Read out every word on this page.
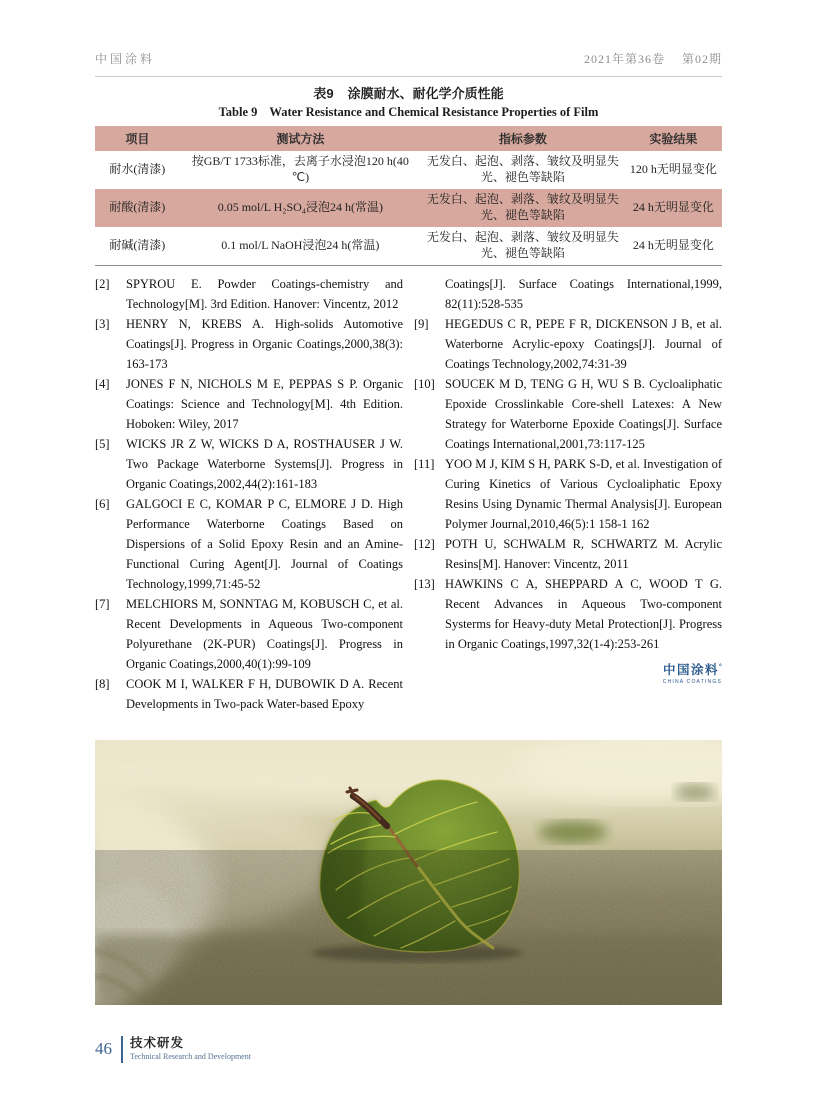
中国涂料	2021年第36卷 第02期
表9 涂膜耐水、耐化学介质性能
Table 9 Water Resistance and Chemical Resistance Properties of Film
项目	测试方法	指标参数	实验结果
耐水(清漆)	按GB/T 1733标准，去离子水浸泡120 h(40 ℃)	无发白、起泡、剥落、皱纹及明显失光、褪色等缺陷	120 h无明显变化
耐酸(清漆)	0.05 mol/L H₂SO₄浸泡24 h(常温)	无发白、起泡、剥落、皱纹及明显失光、褪色等缺陷	24 h无明显变化
耐碱(清漆)	0.1 mol/L NaOH浸泡24 h(常温)	无发白、起泡、剥落、皱纹及明显失光、褪色等缺陷	24 h无明显变化
[2] SPYROU E. Powder Coatings-chemistry and Technology[M]. 3rd Edition. Hanover: Vincentz, 2012
[3] HENRY N, KREBS A. High-solids Automotive Coatings[J]. Progress in Organic Coatings,2000,38(3): 163-173
[4] JONES F N, NICHOLS M E, PEPPAS S P. Organic Coatings: Science and Technology[M]. 4th Edition. Hoboken: Wiley, 2017
[5] WICKS JR Z W, WICKS D A, ROSTHAUSER J W. Two Package Waterborne Systems[J]. Progress in Organic Coatings,2002,44(2):161-183
[6] GALGOCI E C, KOMAR P C, ELMORE J D. High Performance Waterborne Coatings Based on Dispersions of a Solid Epoxy Resin and an Amine-Functional Curing Agent[J]. Journal of Coatings Technology,1999,71:45-52
[7] MELCHIORS M, SONNTAG M, KOBUSCH C, et al. Recent Developments in Aqueous Two-component Polyurethane (2K-PUR) Coatings[J]. Progress in Organic Coatings,2000,40(1):99-109
[8] COOK M I, WALKER F H, DUBOWIK D A. Recent Developments in Two-pack Water-based Epoxy
Coatings[J]. Surface Coatings International,1999, 82(11):528-535
[9] HEGEDUS C R, PEPE F R, DICKENSON J B, et al. Waterborne Acrylic-epoxy Coatings[J]. Journal of Coatings Technology,2002,74:31-39
[10] SOUCEK M D, TENG G H, WU S B. Cycloaliphatic Epoxide Crosslinkable Core-shell Latexes: A New Strategy for Waterborne Epoxide Coatings[J]. Surface Coatings International,2001,73:117-125
[11] YOO M J, KIM S H, PARK S-D, et al. Investigation of Curing Kinetics of Various Cycloaliphatic Epoxy Resins Using Dynamic Thermal Analysis[J]. European Polymer Journal,2010,46(5):1 158-1 162
[12] POTH U, SCHWALM R, SCHWARTZ M. Acrylic Resins[M]. Hanover: Vincentz, 2011
[13] HAWKINS C A, SHEPPARD A C, WOOD T G. Recent Advances in Aqueous Two-component Systerms for Heavy-duty Metal Protection[J]. Progress in Organic Coatings,1997,32(1-4):253-261
中国涂料°
CHINA COATINGS
46 技术研发
Technical Research and Development
